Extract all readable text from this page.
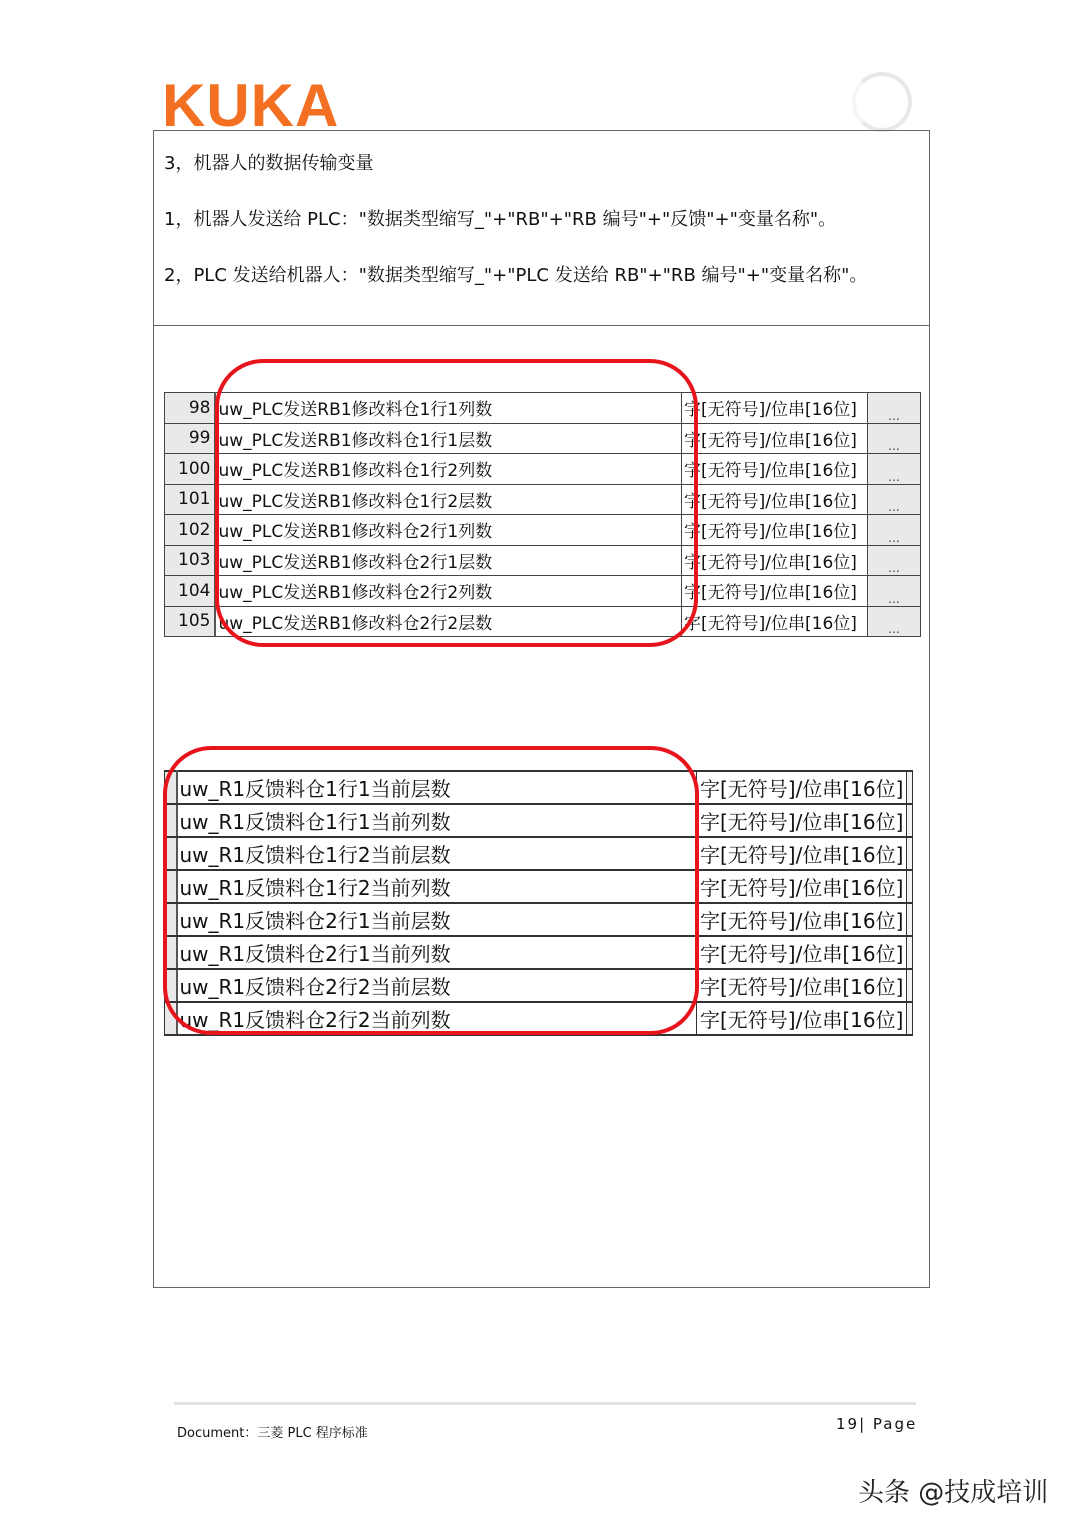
KUKA
3，机器人的数据传输变量
1，机器人发送给 PLC："数据类型缩写_"+"RB"+"RB 编号"+"反馈"+"变量名称"。
2，PLC 发送给机器人："数据类型缩写_"+"PLC 发送给 RB"+"RB 编号"+"变量名称"。
98	uw_PLC发送RB1修改料仓1行1列数	字[无符号]/位串[16位]	...
99	uw_PLC发送RB1修改料仓1行1层数	字[无符号]/位串[16位]	...
100	uw_PLC发送RB1修改料仓1行2列数	字[无符号]/位串[16位]	...
101	uw_PLC发送RB1修改料仓1行2层数	字[无符号]/位串[16位]	...
102	uw_PLC发送RB1修改料仓2行1列数	字[无符号]/位串[16位]	...
103	uw_PLC发送RB1修改料仓2行1层数	字[无符号]/位串[16位]	...
104	uw_PLC发送RB1修改料仓2行2列数	字[无符号]/位串[16位]	...
105	uw_PLC发送RB1修改料仓2行2层数	字[无符号]/位串[16位]	...
	uw_R1反馈料仓1行1当前层数	字[无符号]/位串[16位]	
	uw_R1反馈料仓1行1当前列数	字[无符号]/位串[16位]	
	uw_R1反馈料仓1行2当前层数	字[无符号]/位串[16位]	
	uw_R1反馈料仓1行2当前列数	字[无符号]/位串[16位]	
	uw_R1反馈料仓2行1当前层数	字[无符号]/位串[16位]	
	uw_R1反馈料仓2行1当前列数	字[无符号]/位串[16位]	
	uw_R1反馈料仓2行2当前层数	字[无符号]/位串[16位]	
	uw_R1反馈料仓2行2当前列数	字[无符号]/位串[16位]	
Document：三菱 PLC 程序标准
19| Page
头条 @技成培训
